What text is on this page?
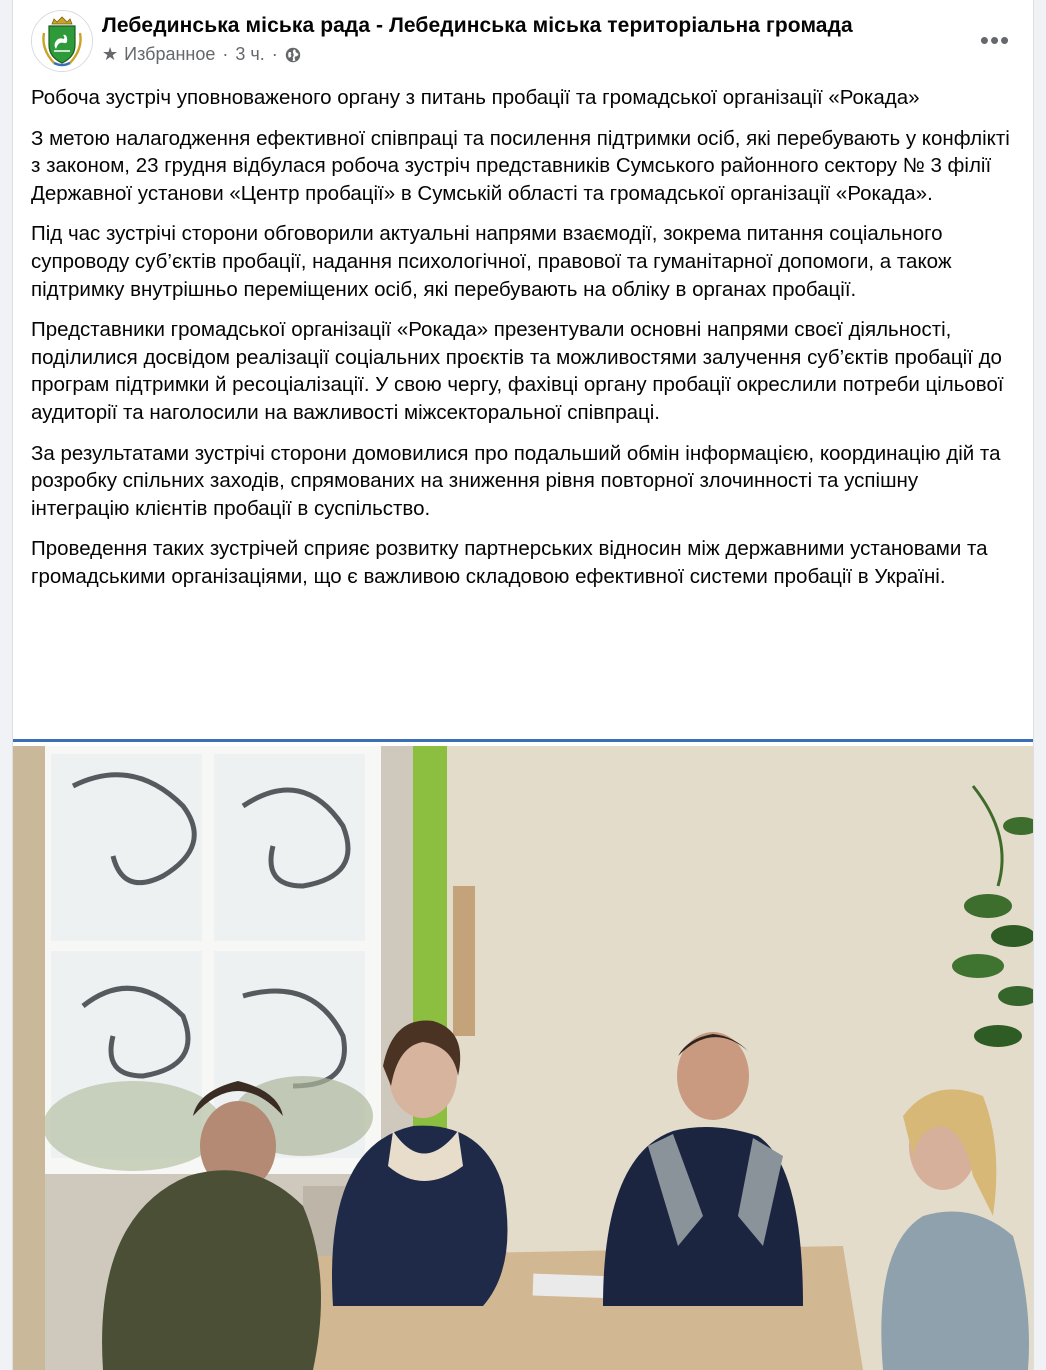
Лебединська міська рада - Лебединська міська територіальна громада
★ Избранное · 3 ч. ·	•••

Робоча зустріч уповноваженого органу з питань пробації та громадської організації «Рокада»

З метою налагодження ефективної співпраці та посилення підтримки осіб, які перебувають у конфлікті з законом, 23 грудня відбулася робоча зустріч представників Сумського районного сектору № 3 філії Державної установи «Центр пробації» в Сумській області та громадської організації «Рокада».

Під час зустрічі сторони обговорили актуальні напрями взаємодії, зокрема питання соціального супроводу суб’єктів пробації, надання психологічної, правової та гуманітарної допомоги, а також підтримку внутрішньо переміщених осіб, які перебувають на обліку в органах пробації.

Представники громадської організації «Рокада» презентували основні напрями своєї діяльності, поділилися досвідом реалізації соціальних проєктів та можливостями залучення суб’єктів пробації до програм підтримки й ресоціалізації. У свою чергу, фахівці органу пробації окреслили потреби цільової аудиторії та наголосили на важливості міжсекторальної співпраці.

За результатами зустрічі сторони домовилися про подальший обмін інформацією, координацію дій та розробку спільних заходів, спрямованих на зниження рівня повторної злочинності та успішну інтеграцію клієнтів пробації в суспільство.

Проведення таких зустрічей сприяє розвитку партнерських відносин між державними установами та громадськими організаціями, що є важливою складовою ефективної системи пробації в Україні.
